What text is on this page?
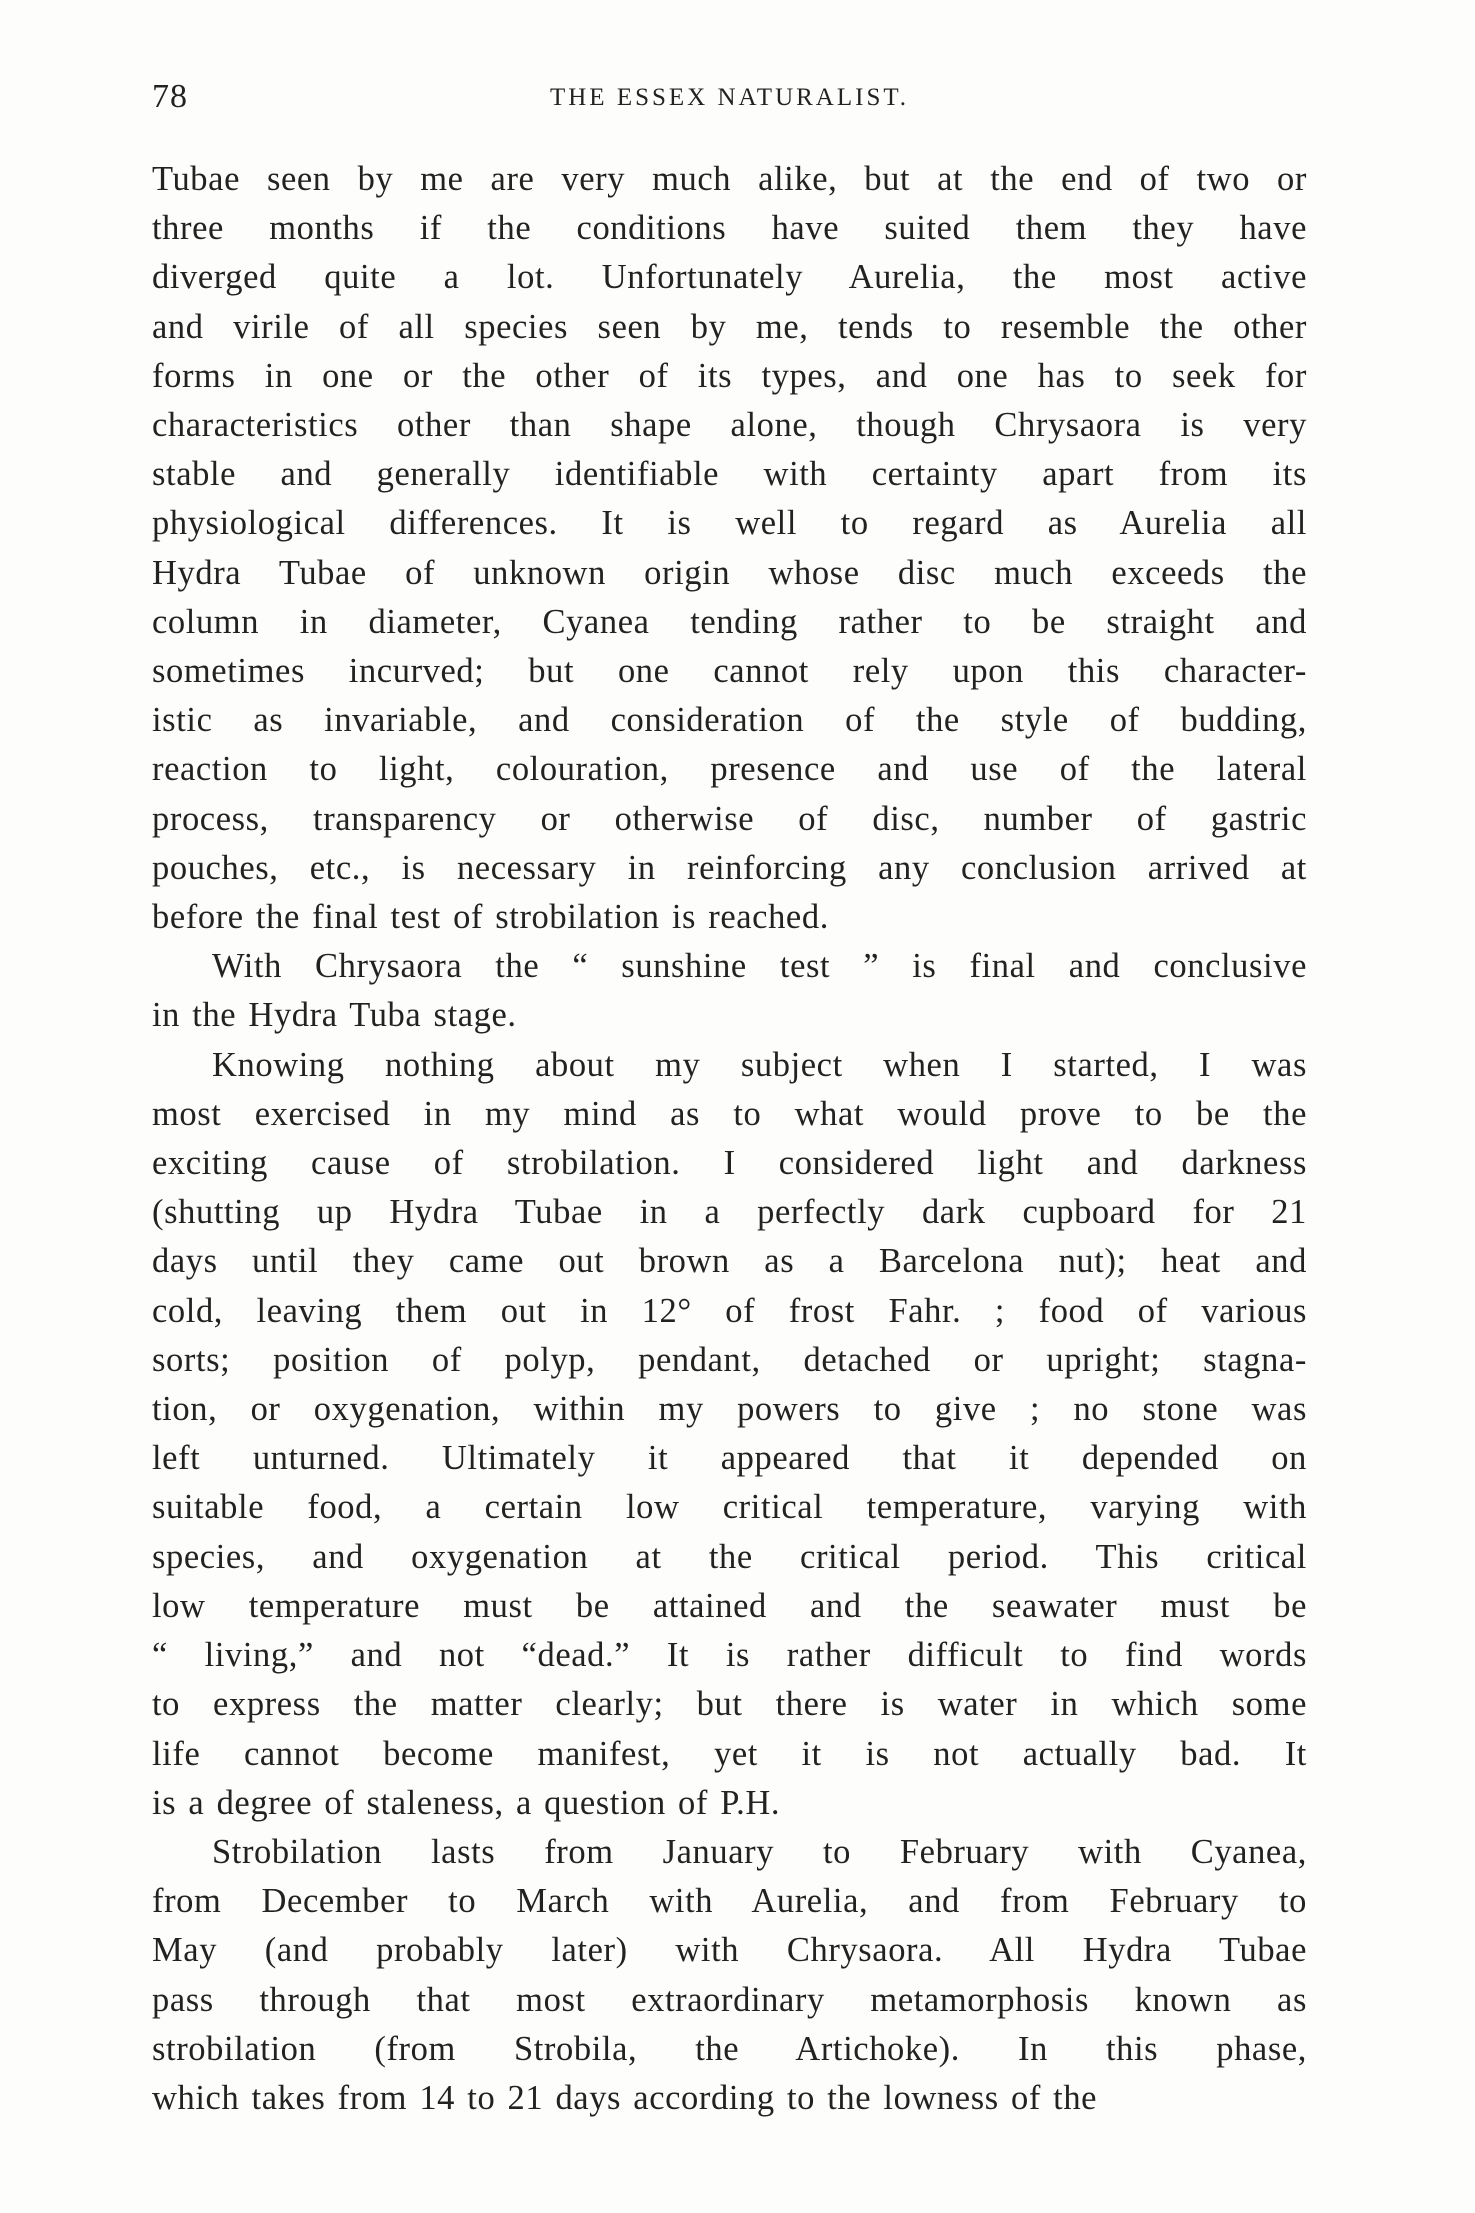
78	THE ESSEX NATURALIST.
Tubae seen by me are very much alike, but at the end of two or
three months if the conditions have suited them they have
diverged quite a lot. Unfortunately Aurelia, the most active
and virile of all species seen by me, tends to resemble the other
forms in one or the other of its types, and one has to seek for
characteristics other than shape alone, though Chrysaora is very
stable and generally identifiable with certainty apart from its
physiological differences. It is well to regard as Aurelia all
Hydra Tubae of unknown origin whose disc much exceeds the
column in diameter, Cyanea tending rather to be straight and
sometimes incurved; but one cannot rely upon this character-
istic as invariable, and consideration of the style of budding,
reaction to light, colouration, presence and use of the lateral
process, transparency or otherwise of disc, number of gastric
pouches, etc., is necessary in reinforcing any conclusion arrived at
before the final test of strobilation is reached.
With Chrysaora the “ sunshine test ” is final and conclusive
in the Hydra Tuba stage.
Knowing nothing about my subject when I started, I was
most exercised in my mind as to what would prove to be the
exciting cause of strobilation. I considered light and darkness
(shutting up Hydra Tubae in a perfectly dark cupboard for 21
days until they came out brown as a Barcelona nut); heat and
cold, leaving them out in 12° of frost Fahr. ; food of various
sorts; position of polyp, pendant, detached or upright; stagna-
tion, or oxygenation, within my powers to give ; no stone was
left unturned. Ultimately it appeared that it depended on
suitable food, a certain low critical temperature, varying with
species, and oxygenation at the critical period. This critical
low temperature must be attained and the seawater must be
“ living,” and not “dead.” It is rather difficult to find words
to express the matter clearly; but there is water in which some
life cannot become manifest, yet it is not actually bad. It
is a degree of staleness, a question of P.H.
Strobilation lasts from January to February with Cyanea,
from December to March with Aurelia, and from February to
May (and probably later) with Chrysaora. All Hydra Tubae
pass through that most extraordinary metamorphosis known as
strobilation (from Strobila, the Artichoke). In this phase,
which takes from 14 to 21 days according to the lowness of the
